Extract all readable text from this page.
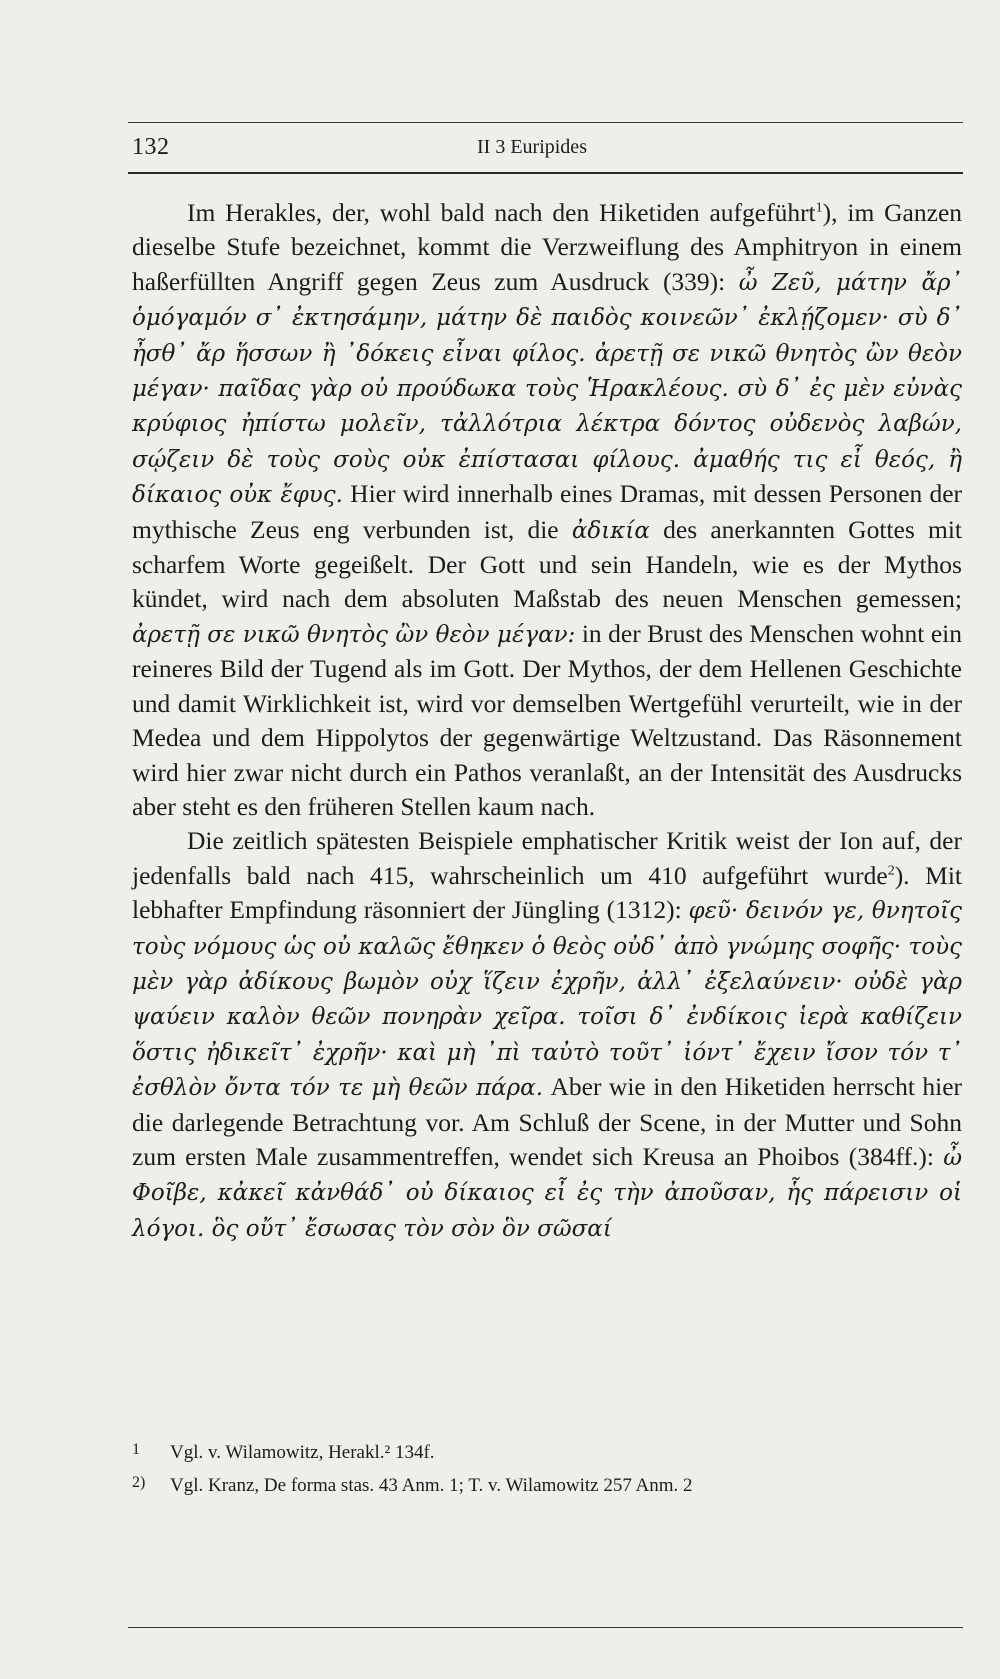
132	II 3 Euripides

Im Herakles, der, wohl bald nach den Hiketiden aufgeführt$^1$), im Ganzen dieselbe Stufe bezeichnet, kommt die Verzweiflung des Amphitryon in einem haßerfüllten Angriff gegen Zeus zum Ausdruck (339): ὦ Ζεῦ, μάτην ἄρ᾽ ὁμόγαμόν σ᾽ ἐκτησάμην, μάτην δὲ παιδὸς κοινεῶν᾽ ἐκλῄζομεν· σὺ δ᾽ ἦσθ᾽ ἄρ ἥσσων ἢ ᾽δόκεις εἶναι φίλος. ἀρετῇ σε νικῶ θνητὸς ὢν θεὸν μέγαν· παῖδας γὰρ οὐ προύδωκα τοὺς Ἡρακλέους. σὺ δ᾽ ἐς μὲν εὐνὰς κρύφιος ἠπίστω μολεῖν, τἀλλότρια λέκτρα δόντος οὐδενὸς λαβών, σῴζειν δὲ τοὺς σοὺς οὐκ ἐπίστασαι φίλους. ἀμαθής τις εἶ θεός, ἢ δίκαιος οὐκ ἔφυς. Hier wird innerhalb eines Dramas, mit dessen Personen der mythische Zeus eng verbunden ist, die ἀδικία des anerkannten Gottes mit scharfem Worte gegeißelt. Der Gott und sein Handeln, wie es der Mythos kündet, wird nach dem absoluten Maßstab des neuen Menschen gemessen; ἀρετῇ σε νικῶ θνητὸς ὢν θεὸν μέγαν: in der Brust des Menschen wohnt ein reineres Bild der Tugend als im Gott. Der Mythos, der dem Hellenen Geschichte und damit Wirklichkeit ist, wird vor demselben Wertgefühl verurteilt, wie in der Medea und dem Hippolytos der gegenwärtige Weltzustand. Das Räsonnement wird hier zwar nicht durch ein Pathos veranlaßt, an der Intensität des Ausdrucks aber steht es den früheren Stellen kaum nach.

Die zeitlich spätesten Beispiele emphatischer Kritik weist der Ion auf, der jedenfalls bald nach 415, wahrscheinlich um 410 aufgeführt wurde$^2$). Mit lebhafter Empfindung räsonniert der Jüngling (1312): φεῦ· δεινόν γε, θνητοῖς τοὺς νόμους ὡς οὐ καλῶς ἔθηκεν ὁ θεὸς οὐδ᾽ ἀπὸ γνώμης σοφῆς· τοὺς μὲν γὰρ ἀδίκους βωμὸν οὐχ ἵζειν ἐχρῆν, ἀλλ᾽ ἐξελαύνειν· οὐδὲ γὰρ ψαύειν καλὸν θεῶν πονηρὰν χεῖρα. τοῖσι δ᾽ ἐνδίκοις ἱερὰ καθίζειν ὅστις ἠδικεῖτ᾽ ἐχρῆν· καὶ μὴ ᾽πὶ ταὐτὸ τοῦτ᾽ ἰόντ᾽ ἔχειν ἴσον τόν τ᾽ ἐσθλὸν ὄντα τόν τε μὴ θεῶν πάρα. Aber wie in den Hiketiden herrscht hier die darlegende Betrachtung vor. Am Schluß der Scene, in der Mutter und Sohn zum ersten Male zusammentreffen, wendet sich Kreusa an Phoibos (384ff.): ὦ Φοῖβε, κἀκεῖ κἀνθάδ᾽ οὐ δίκαιος εἶ ἐς τὴν ἀποῦσαν, ἧς πάρεισιν οἱ λόγοι. ὃς οὔτ᾽ ἔσωσας τὸν σὸν ὃν σῶσαί

1	Vgl. v. Wilamowitz, Herakl.² 134f.
2)	Vgl. Kranz, De forma stas. 43 Anm. 1; T. v. Wilamowitz 257 Anm. 2
